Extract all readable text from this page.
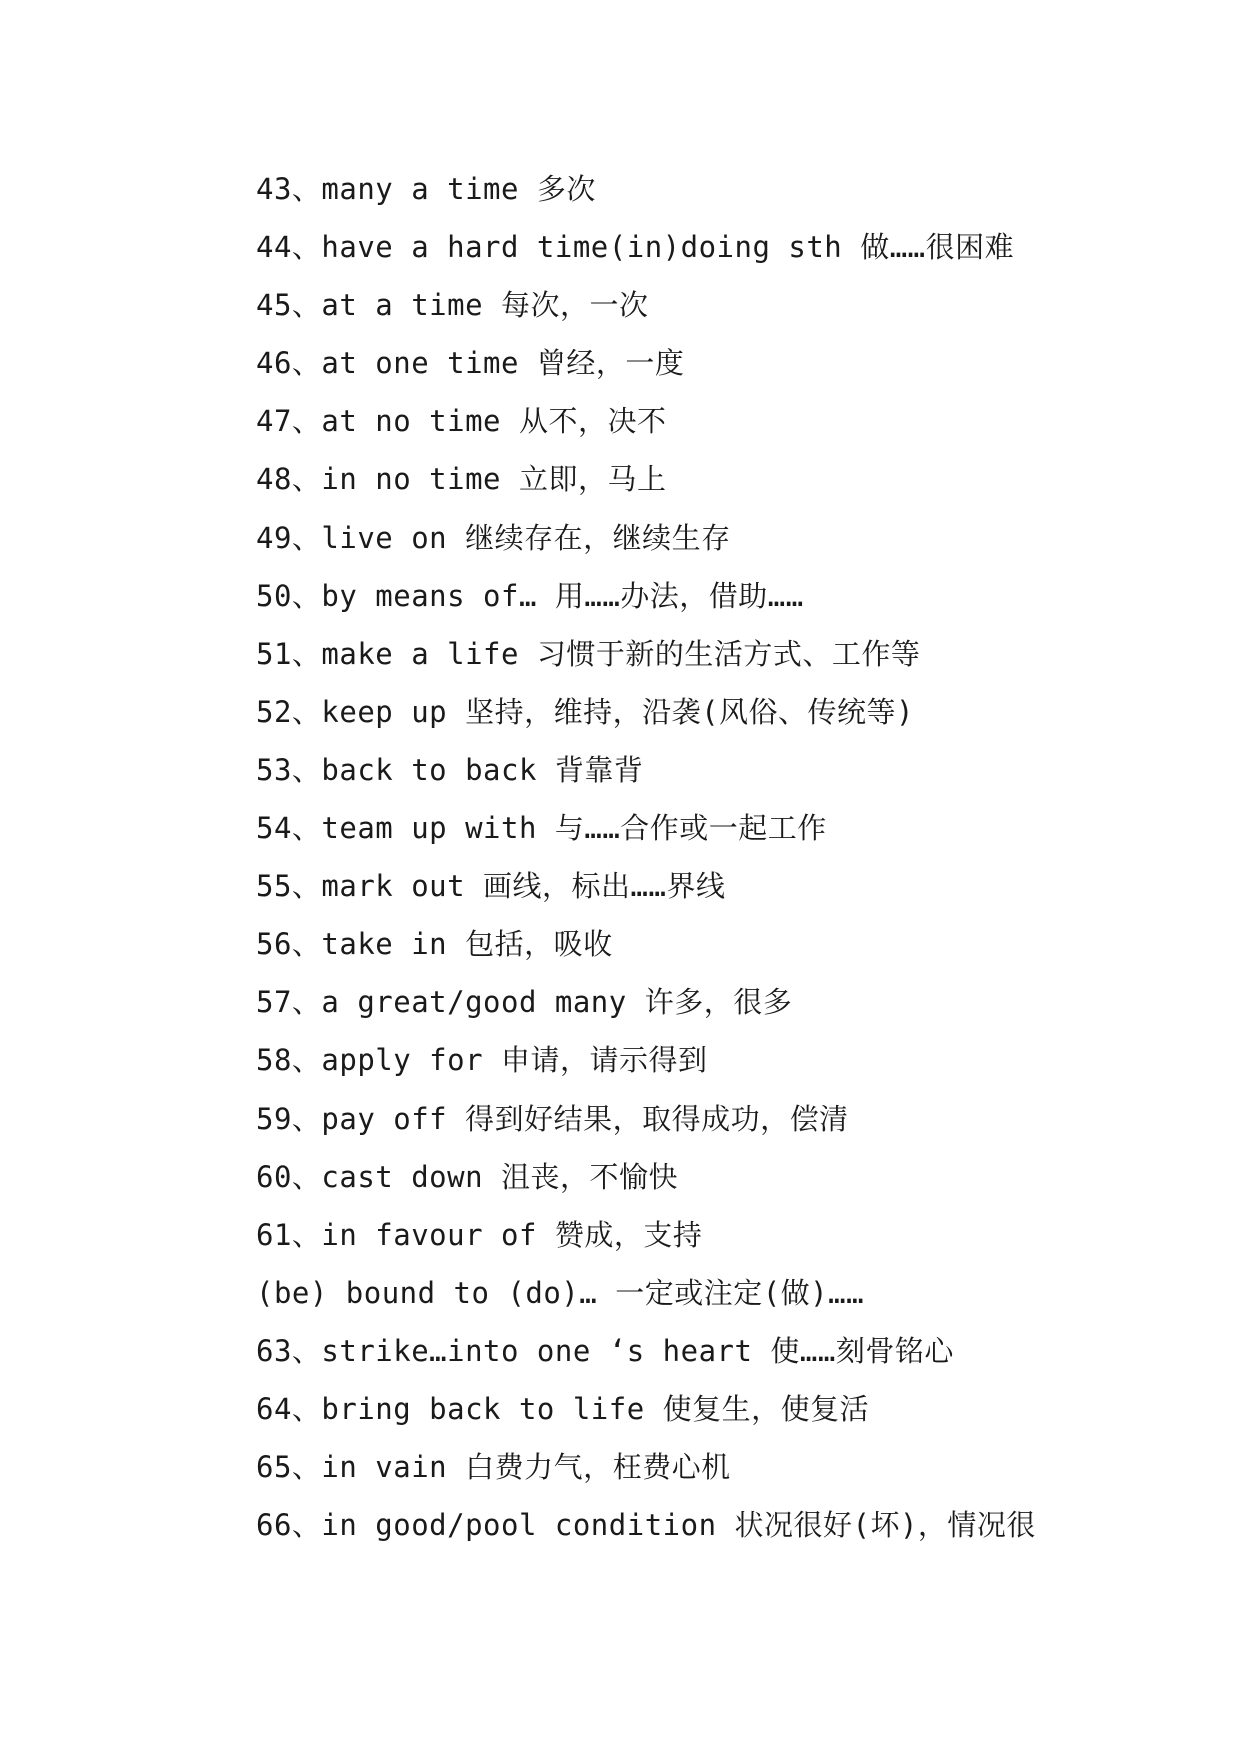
43、many a time 多次
44、have a hard time(in)doing sth 做……很困难
45、at a time 每次，一次
46、at one time 曾经，一度
47、at no time 从不，决不
48、in no time 立即，马上
49、live on 继续存在，继续生存
50、by means of… 用……办法，借助……
51、make a life 习惯于新的生活方式、工作等
52、keep up 坚持，维持，沿袭(风俗、传统等)
53、back to back 背靠背
54、team up with 与……合作或一起工作
55、mark out 画线，标出……界线
56、take in 包括，吸收
57、a great/good many 许多，很多
58、apply for 申请，请示得到
59、pay off 得到好结果，取得成功，偿清
60、cast down 沮丧，不愉快
61、in favour of 赞成，支持
(be) bound to (do)… 一定或注定(做)……
63、strike…into one ‘s heart 使……刻骨铭心
64、bring back to life 使复生，使复活
65、in vain 白费力气，枉费心机
66、in good/pool condition 状况很好(坏)，情况很
